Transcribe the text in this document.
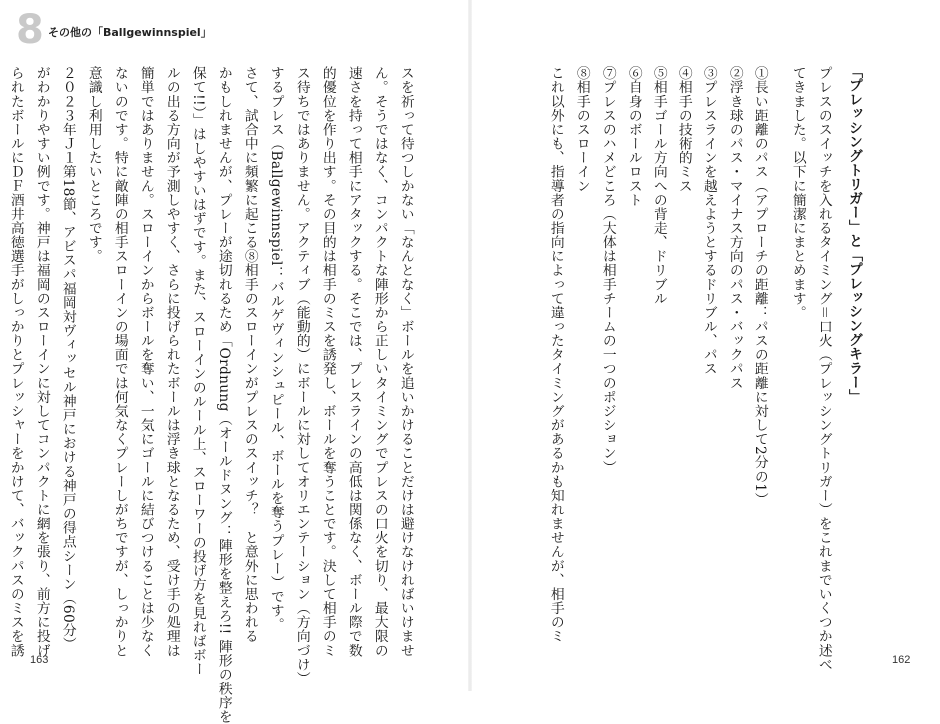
8 その他の「Ballgewinnspiel」
「プレッシングトリガー」と「プレッシングキラー」
プレスのスイッチを入れるタイミング＝口火（プレッシングトリガー）をこれまでいくつか述べ
てきました。以下に簡潔にまとめます。
①長い距離のパス（アプローチの距離：パスの距離に対して2分の1）
②浮き球のパス・マイナス方向のパス・バックパス
③プレスラインを越えようとするドリブル、パス
④相手の技術的ミス
⑤相手ゴール方向への背走、ドリブル
⑥自身のボールロスト
⑦プレスのハメどころ（大体は相手チームの一つのポジション）
⑧相手のスローイン
これ以外にも、指導者の指向によって違ったタイミングがあるかも知れませんが、相手のミ
162
スを祈って待つしかない「なんとなく」ボールを追いかけることだけは避けなければいけませ
ん。そうではなく、コンパクトな陣形から正しいタイミングでプレスの口火を切り、最大限の
速さを持って相手にアタックする。そこでは、プレスラインの高低は関係なく、ボール際で数
的優位を作り出す。その目的は相手のミスを誘発し、ボールを奪うことです。決して相手のミ
ス待ちではありません。アクティブ（能動的）にボールに対してオリエンテーション（方向づけ）
するプレス（Ballgewinnspiel：バルゲヴィンシュピール、ボールを奪うプレー）です。
さて、試合中に頻繁に起こる⑧相手のスローインがプレスのスイッチ？　と意外に思われる
かもしれませんが、プレーが途切れるため「Ordnung（オールドヌング：陣形を整えろ!! 陣形の秩序を
保て!!）」はしやすいはずです。また、スローインのルール上、スローワーの投げ方を見ればボー
ルの出る方向が予測しやすく、さらに投げられたボールは浮き球となるため、受け手の処理は
簡単ではありません。スローインからボールを奪い、一気にゴールに結びつけることは少なく
ないのです。特に敵陣の相手スローインの場面では何気なくプレーしがちですが、しっかりと
意識し利用したいところです。
２０２３年Ｊ１第18節、アビスパ福岡対ヴィッセル神戸における神戸の得点シーン（60分）
がわかりやすい例です。神戸は福岡のスローインに対してコンパクトに網を張り、前方に投げ
られたボールにＤＦ酒井高徳選手がしっかりとプレッシャーをかけて、バックパスのミスを誘
163
